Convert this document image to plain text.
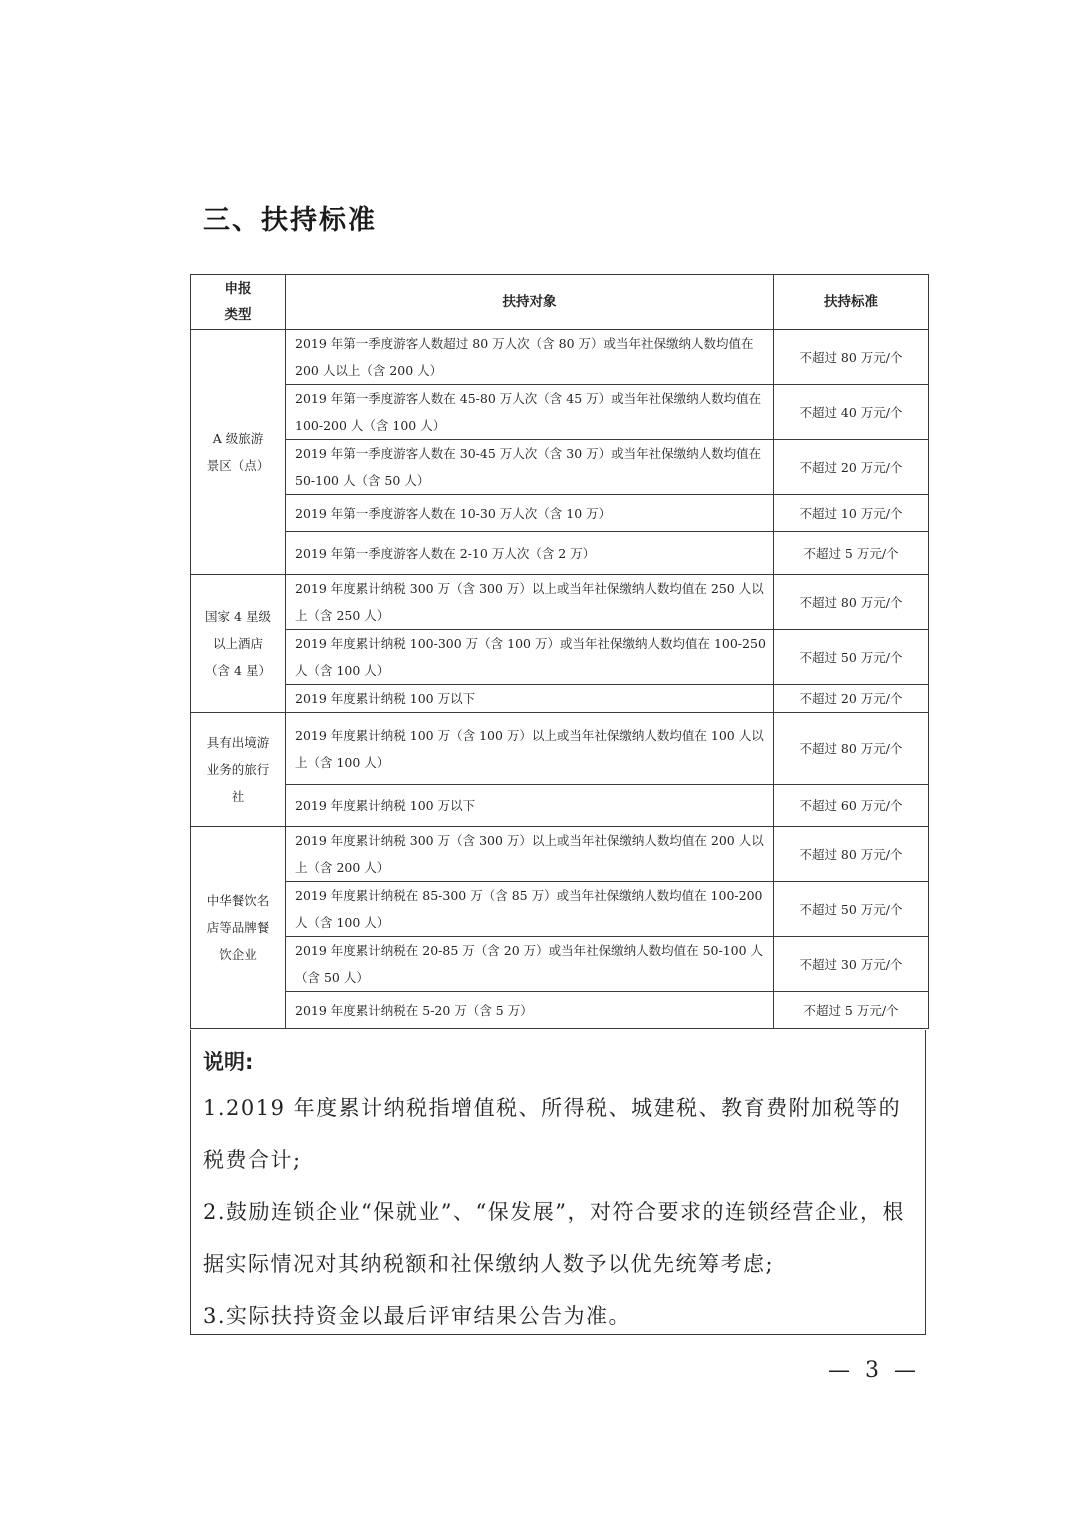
三、扶持标准
申报
类型	扶持对象	扶持标准
A 级旅游
景区（点）	2019 年第一季度游客人数超过 80 万人次（含 80 万）或当年社保缴纳人数均值在 200 人以上（含 200 人）	不超过 80 万元/个
	2019 年第一季度游客人数在 45-80 万人次（含 45 万）或当年社保缴纳人数均值在 100-200 人（含 100 人）	不超过 40 万元/个
	2019 年第一季度游客人数在 30-45 万人次（含 30 万）或当年社保缴纳人数均值在 50-100 人（含 50 人）	不超过 20 万元/个
	2019 年第一季度游客人数在 10-30 万人次（含 10 万）	不超过 10 万元/个
	2019 年第一季度游客人数在 2-10 万人次（含 2 万）	不超过 5 万元/个
国家 4 星级
以上酒店
（含 4 星）	2019 年度累计纳税 300 万（含 300 万）以上或当年社保缴纳人数均值在 250 人以上（含 250 人）	不超过 80 万元/个
	2019 年度累计纳税 100-300 万（含 100 万）或当年社保缴纳人数均值在 100-250 人（含 100 人）	不超过 50 万元/个
	2019 年度累计纳税 100 万以下	不超过 20 万元/个
具有出境游
业务的旅行
社	2019 年度累计纳税 100 万（含 100 万）以上或当年社保缴纳人数均值在 100 人以上（含 100 人）	不超过 80 万元/个
	2019 年度累计纳税 100 万以下	不超过 60 万元/个
中华餐饮名
店等品牌餐
饮企业	2019 年度累计纳税 300 万（含 300 万）以上或当年社保缴纳人数均值在 200 人以上（含 200 人）	不超过 80 万元/个
	2019 年度累计纳税在 85-300 万（含 85 万）或当年社保缴纳人数均值在 100-200 人（含 100 人）	不超过 50 万元/个
	2019 年度累计纳税在 20-85 万（含 20 万）或当年社保缴纳人数均值在 50-100 人（含 50 人）	不超过 30 万元/个
	2019 年度累计纳税在 5-20 万（含 5 万）	不超过 5 万元/个
说明:
1.2019 年度累计纳税指增值税、所得税、城建税、教育费附加税等的税费合计;
2.鼓励连锁企业“保就业”、“保发展”，对符合要求的连锁经营企业，根据实际情况对其纳税额和社保缴纳人数予以优先统筹考虑;
3.实际扶持资金以最后评审结果公告为准。
— 3 —
